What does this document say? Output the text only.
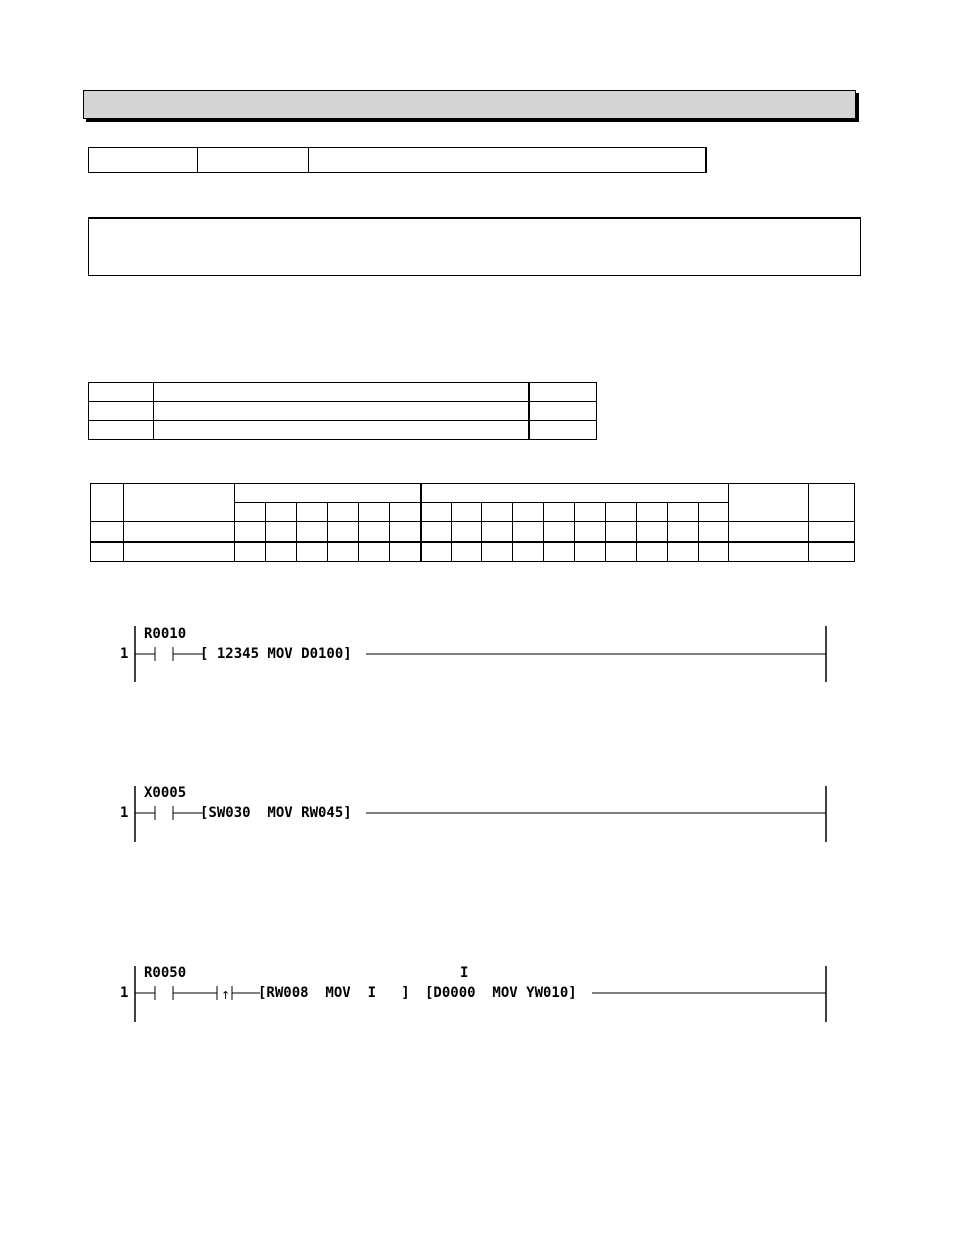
1
R0010
[ 12345 MOV D0100]
1
X0005
[SW030  MOV RW045]
↑
1
R0050	I
[RW008  MOV  I   ] [D0000  MOV YW010]
